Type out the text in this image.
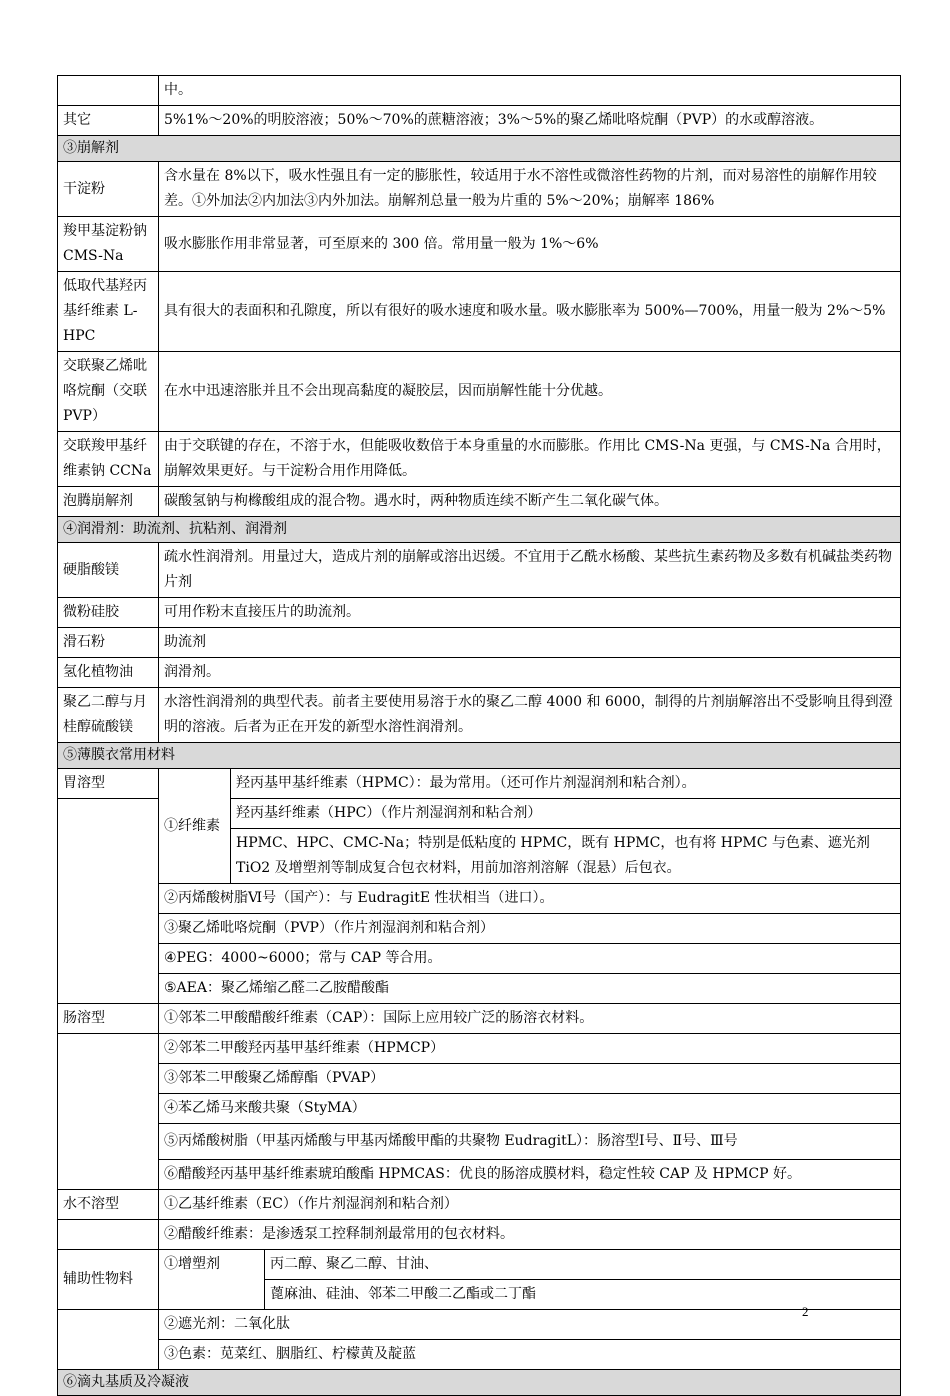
	中。		
其它	5%1%～20%的明胶溶液；50%～70%的蔗糖溶液；3%～5%的聚乙烯吡咯烷酮（PVP）的水或醇溶液。		
③崩解剂			
干淀粉	含水量在 8%以下，吸水性强且有一定的膨胀性，较适用于水不溶性或微溶性药物的片剂，而对易溶性的崩解作用较差。①外加法②内加法③内外加法。崩解剂总量一般为片重的 5%～20%；崩解率 186%		
羧甲基淀粉钠 CMS-Na	吸水膨胀作用非常显著，可至原来的 300 倍。常用量一般为 1%～6%		
低取代基羟丙基纤维素 L-HPC	具有很大的表面积和孔隙度，所以有很好的吸水速度和吸水量。吸水膨胀率为 500%—700%，用量一般为 2%～5%		
交联聚乙烯吡咯烷酮（交联 PVP）	在水中迅速溶胀并且不会出现高黏度的凝胶层，因而崩解性能十分优越。		
交联羧甲基纤维素钠 CCNa	由于交联键的存在，不溶于水，但能吸收数倍于本身重量的水而膨胀。作用比 CMS-Na 更强，与 CMS-Na 合用时，崩解效果更好。与干淀粉合用作用降低。		
泡腾崩解剂	碳酸氢钠与枸橼酸组成的混合物。遇水时，两种物质连续不断产生二氧化碳气体。		
④润滑剂：助流剂、抗粘剂、润滑剂			
硬脂酸镁	疏水性润滑剂。用量过大，造成片剂的崩解或溶出迟缓。不宜用于乙酰水杨酸、某些抗生素药物及多数有机碱盐类药物片剂		
微粉硅胶	可用作粉末直接压片的助流剂。		
滑石粉	助流剂		
氢化植物油	润滑剂。		
聚乙二醇与月桂醇硫酸镁	水溶性润滑剂的典型代表。前者主要使用易溶于水的聚乙二醇 4000 和 6000，制得的片剂崩解溶出不受影响且得到澄明的溶液。后者为正在开发的新型水溶性润滑剂。		
⑤薄膜衣常用材料			
胃溶型	①纤维素	羟丙基甲基纤维素（HPMC）：最为常用。（还可作片剂湿润剂和粘合剂）。	
		羟丙基纤维素（HPC）（作片剂湿润剂和粘合剂）	
		HPMC、HPC、CMC-Na；特别是低粘度的 HPMC，既有 HPMC，也有将 HPMC 与色素、遮光剂 TiO2 及增塑剂等制成复合包衣材料，用前加溶剂溶解（混悬）后包衣。	
	②丙烯酸树脂Ⅵ号（国产）：与 EudragitE 性状相当（进口）。		
	③聚乙烯吡咯烷酮（PVP）（作片剂湿润剂和粘合剂）		
	④PEG：4000~6000；常与 CAP 等合用。		
	⑤AEA：聚乙烯缩乙醛二乙胺醋酸酯		
肠溶型	①邻苯二甲酸醋酸纤维素（CAP）：国际上应用较广泛的肠溶衣材料。		
	②邻苯二甲酸羟丙基甲基纤维素（HPMCP）		
	③邻苯二甲酸聚乙烯醇酯（PVAP）		
	④苯乙烯马来酸共聚（StyMA）		
	⑤丙烯酸树脂（甲基丙烯酸与甲基丙烯酸甲酯的共聚物 EudragitL）：肠溶型Ⅰ号、Ⅱ号、Ⅲ号		
	⑥醋酸羟丙基甲基纤维素琥珀酸酯 HPMCAS：优良的肠溶成膜材料，稳定性较 CAP 及 HPMCP 好。		
水不溶型	①乙基纤维素（EC）（作片剂湿润剂和粘合剂）		
	②醋酸纤维素：是渗透泵工控释制剂最常用的包衣材料。		
辅助性物料	①增塑剂		丙二醇、聚乙二醇、甘油、
			蓖麻油、硅油、邻苯二甲酸二乙酯或二丁酯
	②遮光剂：二氧化肽		
	③色素：苋菜红、胭脂红、柠檬黄及靛蓝		
⑥滴丸基质及冷凝液			
2
